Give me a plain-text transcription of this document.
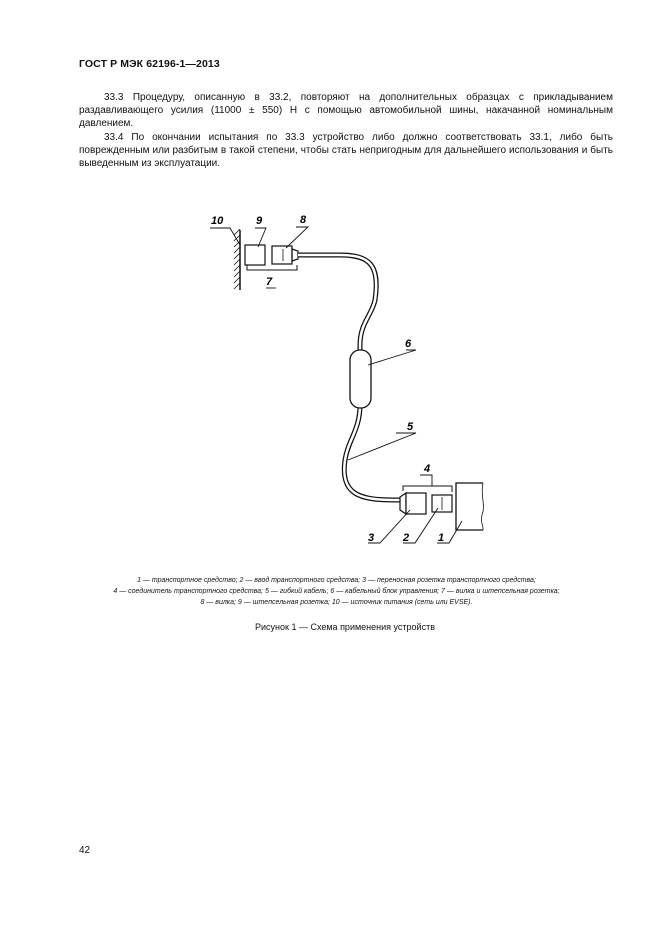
ГОСТ Р МЭК 62196-1—2013
33.3 Процедуру, описанную в 33.2, повторяют на дополнительных образцах с прикладыванием раздавливающего усилия (11000 ± 550) Н с помощью автомобильной шины, накачанной номинальным давлением.
33.4 По окончании испытания по 33.3 устройство либо должно соответствовать 33.1, либо быть поврежденным или разбитым в такой степени, чтобы стать непригодным для дальнейшего использования и быть выведенным из эксплуатации.
10	9	8
7
6
5
4
3	2	1
1 — транспортное средство; 2 — ввод транспортного средства; 3 — переносная розетка транспортного средства;
4 — соединитель транспортного средства; 5 — гибкий кабель; 6 — кабельный блок управления; 7 — вилка и штепсельная розетка;
8 — вилка; 9 — штепсельная розетка; 10 — источник питания (сеть или EVSE).
Рисунок 1 — Схема применения устройств
42
